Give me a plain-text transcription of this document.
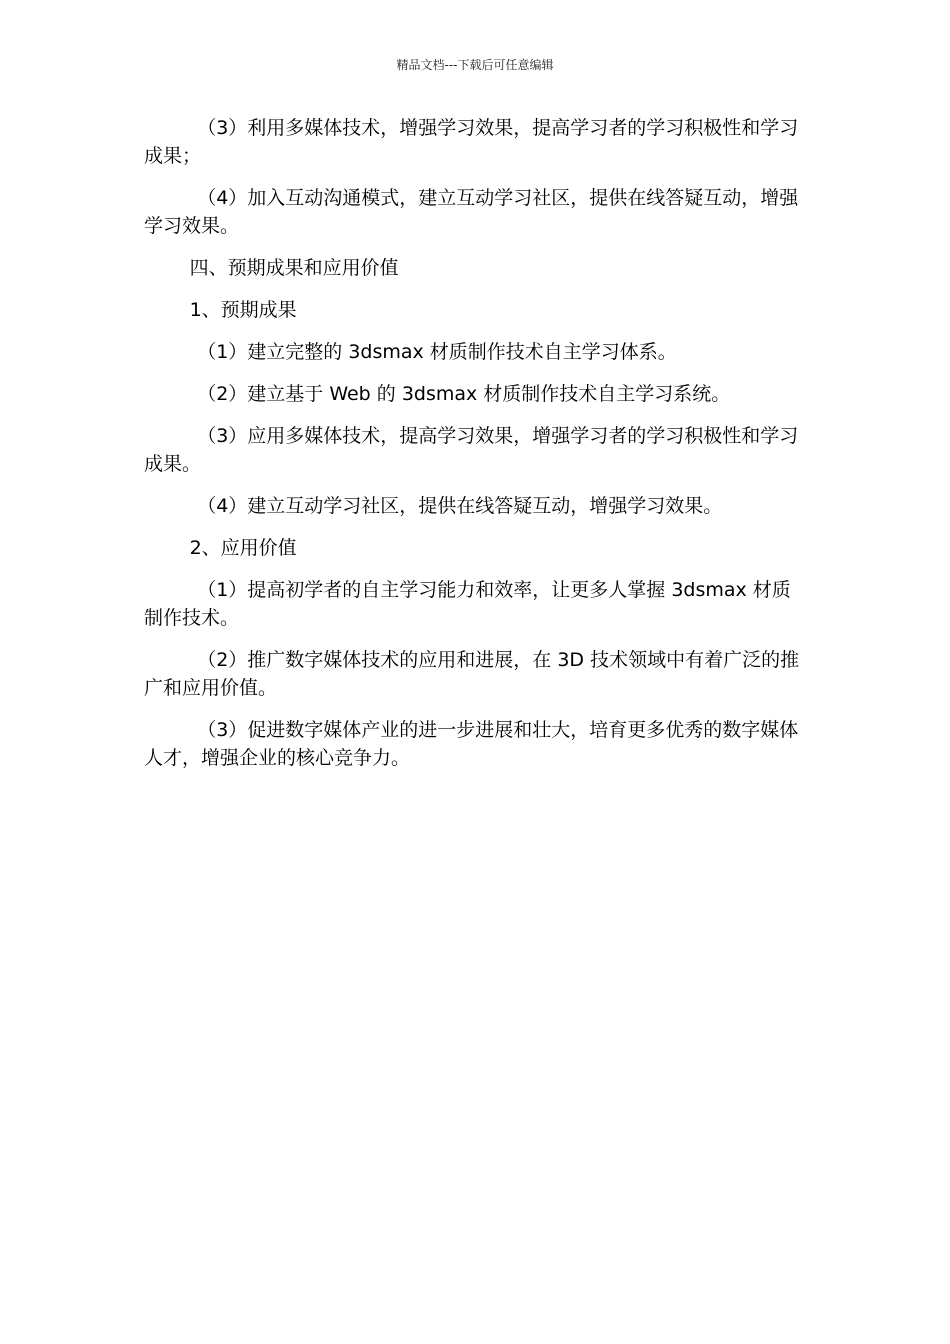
精品文档---下载后可任意编辑

（3）利用多媒体技术，增强学习效果，提高学习者的学习积极性和学习成果；

（4）加入互动沟通模式，建立互动学习社区，提供在线答疑互动，增强学习效果。

四、预期成果和应用价值

1、预期成果

（1）建立完整的 3dsmax 材质制作技术自主学习体系。

（2）建立基于 Web 的 3dsmax 材质制作技术自主学习系统。

（3）应用多媒体技术，提高学习效果，增强学习者的学习积极性和学习成果。

（4）建立互动学习社区，提供在线答疑互动，增强学习效果。

2、应用价值

（1）提高初学者的自主学习能力和效率，让更多人掌握 3dsmax 材质制作技术。

（2）推广数字媒体技术的应用和进展，在 3D 技术领域中有着广泛的推广和应用价值。

（3）促进数字媒体产业的进一步进展和壮大，培育更多优秀的数字媒体人才，增强企业的核心竞争力。
